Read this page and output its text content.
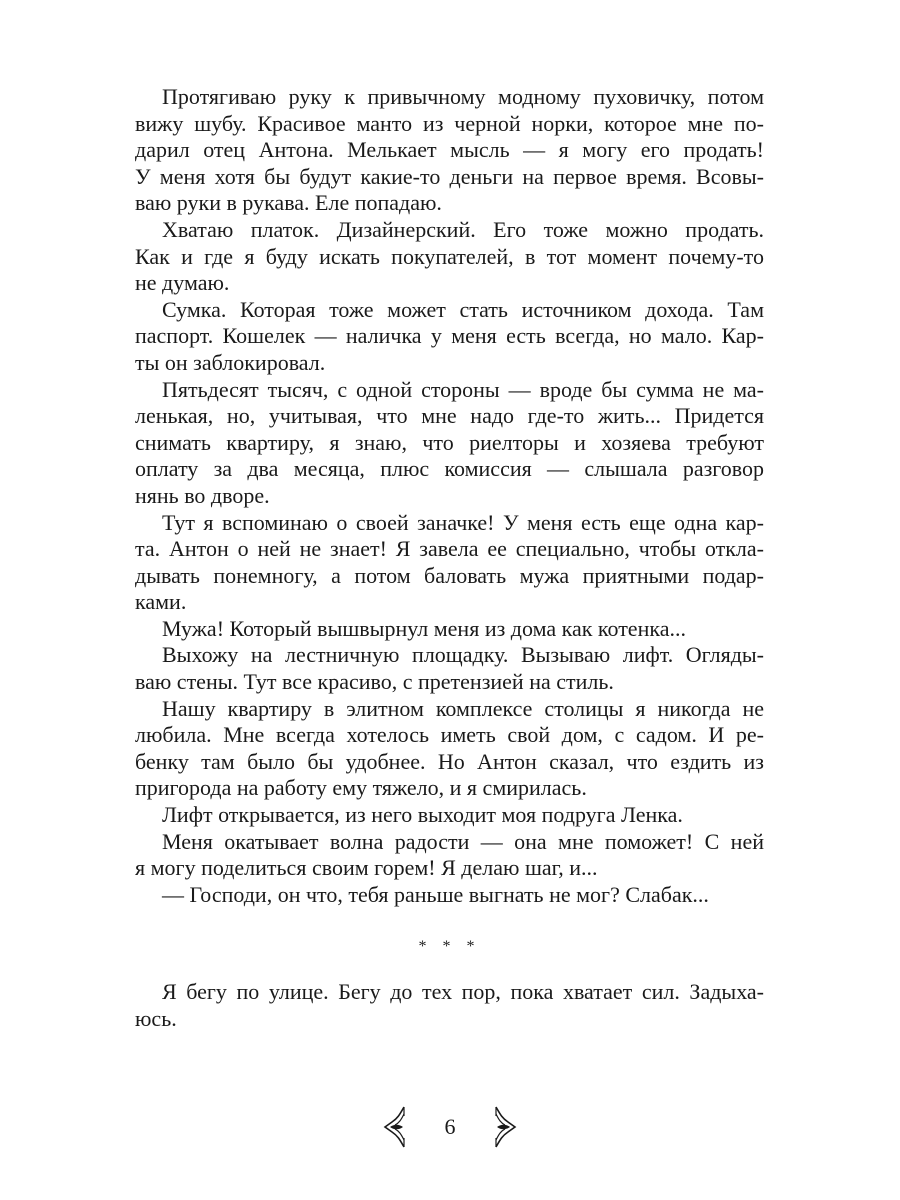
Протягиваю руку к привычному модному пуховичку, потом
вижу шубу. Красивое манто из черной норки, которое мне по-
дарил отец Антона. Мелькает мысль — я могу его продать!
У меня хотя бы будут какие-то деньги на первое время. Всовы-
ваю руки в рукава. Еле попадаю.

Хватаю платок. Дизайнерский. Его тоже можно продать.
Как и где я буду искать покупателей, в тот момент почему-то
не думаю.

Сумка. Которая тоже может стать источником дохода. Там
паспорт. Кошелек — наличка у меня есть всегда, но мало. Кар-
ты он заблокировал.

Пятьдесят тысяч, с одной стороны — вроде бы сумма не ма-
ленькая, но, учитывая, что мне надо где-то жить... Придется
снимать квартиру, я знаю, что риелторы и хозяева требуют
оплату за два месяца, плюс комиссия — слышала разговор
нянь во дворе.

Тут я вспоминаю о своей заначке! У меня есть еще одна кар-
та. Антон о ней не знает! Я завела ее специально, чтобы откла-
дывать понемногу, а потом баловать мужа приятными подар-
ками.

Мужа! Который вышвырнул меня из дома как котенка...

Выхожу на лестничную площадку. Вызываю лифт. Огляды-
ваю стены. Тут все красиво, с претензией на стиль.

Нашу квартиру в элитном комплексе столицы я никогда не
любила. Мне всегда хотелось иметь свой дом, с садом. И ре-
бенку там было бы удобнее. Но Антон сказал, что ездить из
пригорода на работу ему тяжело, и я смирилась.

Лифт открывается, из него выходит моя подруга Ленка.

Меня окатывает волна радости — она мне поможет! С ней
я могу поделиться своим горем! Я делаю шаг, и...

— Господи, он что, тебя раньше выгнать не мог? Слабак...

* * *

Я бегу по улице. Бегу до тех пор, пока хватает сил. Задыха-
юсь.

6
